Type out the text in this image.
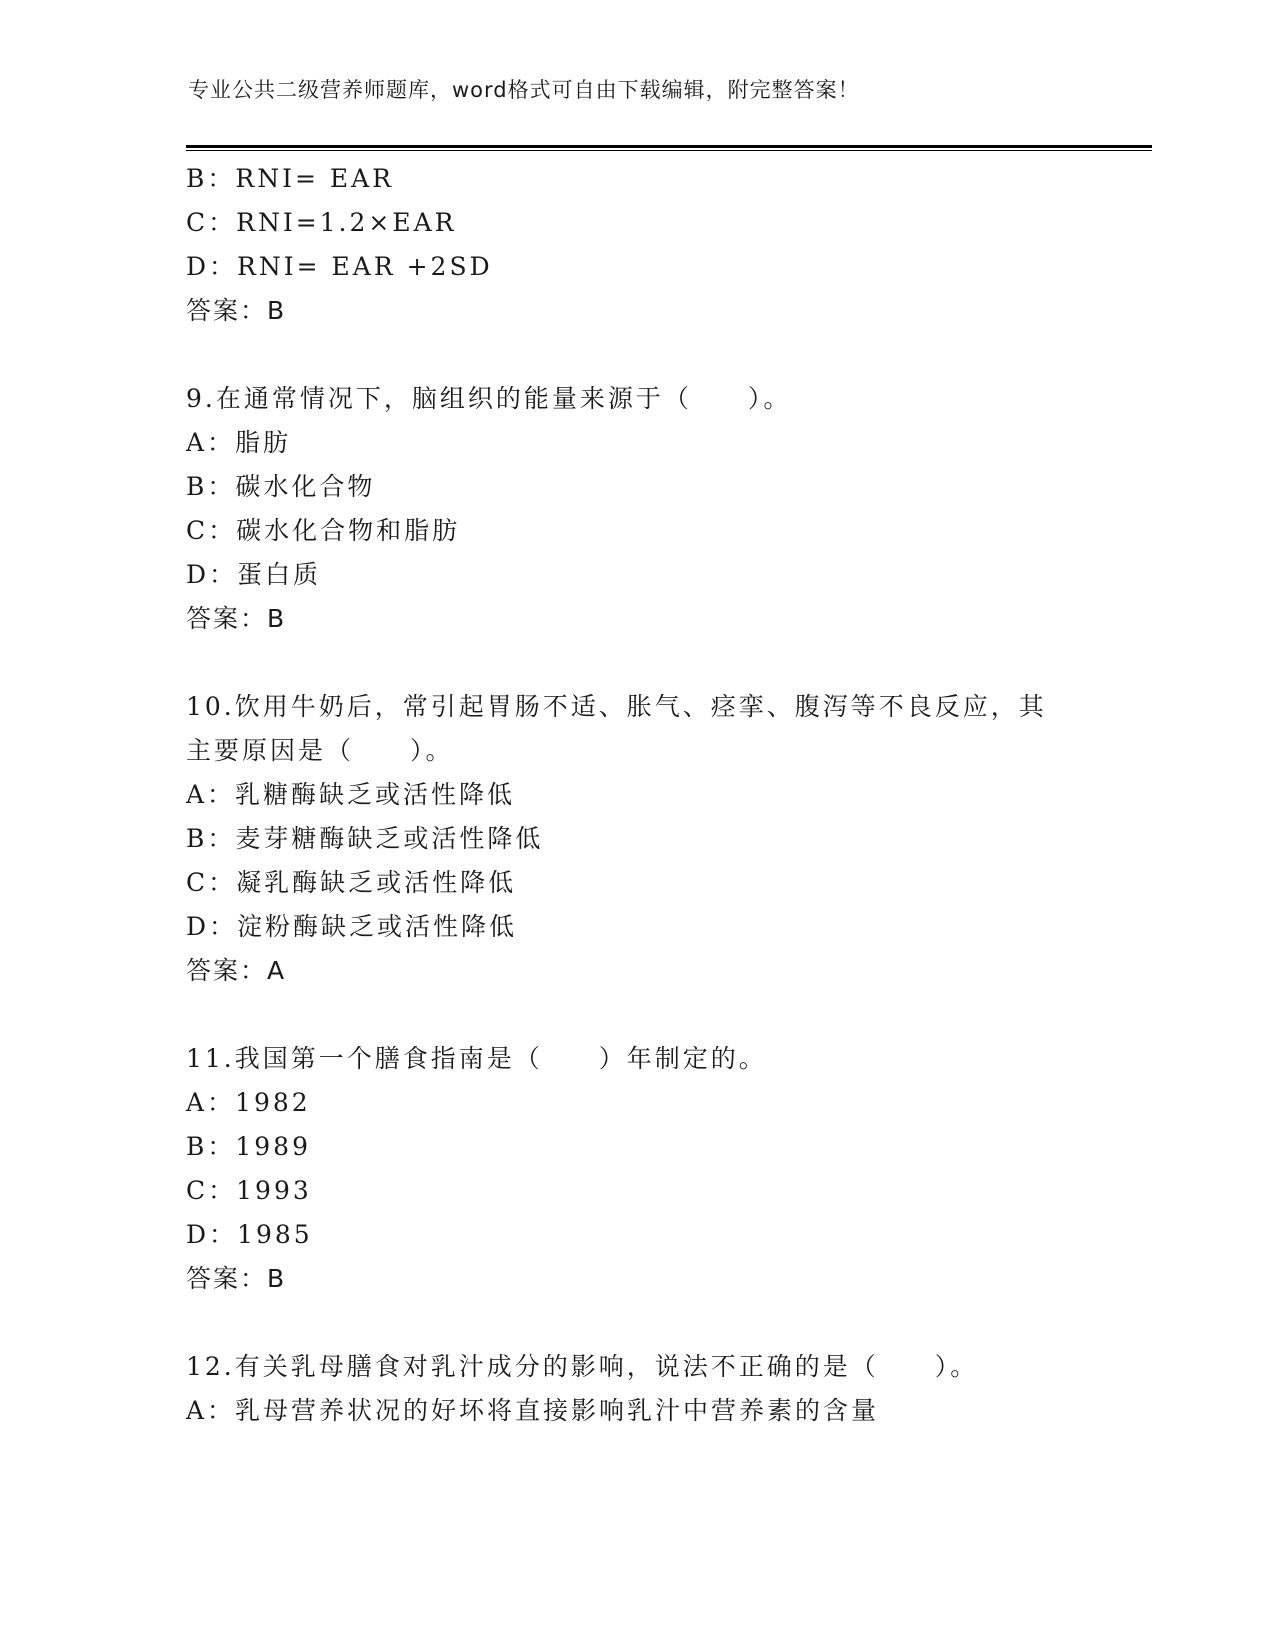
专业公共二级营养师题库，word格式可自由下载编辑，附完整答案！
B：RNI= EAR
C：RNI=1.2×EAR
D：RNI= EAR +2SD
答案：B
9.在通常情况下，脑组织的能量来源于（　　）。
A：脂肪
B：碳水化合物
C：碳水化合物和脂肪
D：蛋白质
答案：B
10.饮用牛奶后，常引起胃肠不适、胀气、痉挛、腹泻等不良反应，其
主要原因是（　　）。
A：乳糖酶缺乏或活性降低
B：麦芽糖酶缺乏或活性降低
C：凝乳酶缺乏或活性降低
D：淀粉酶缺乏或活性降低
答案：A
11.我国第一个膳食指南是（　　）年制定的。
A：1982
B：1989
C：1993
D：1985
答案：B
12.有关乳母膳食对乳汁成分的影响，说法不正确的是（　　）。
A：乳母营养状况的好坏将直接影响乳汁中营养素的含量
